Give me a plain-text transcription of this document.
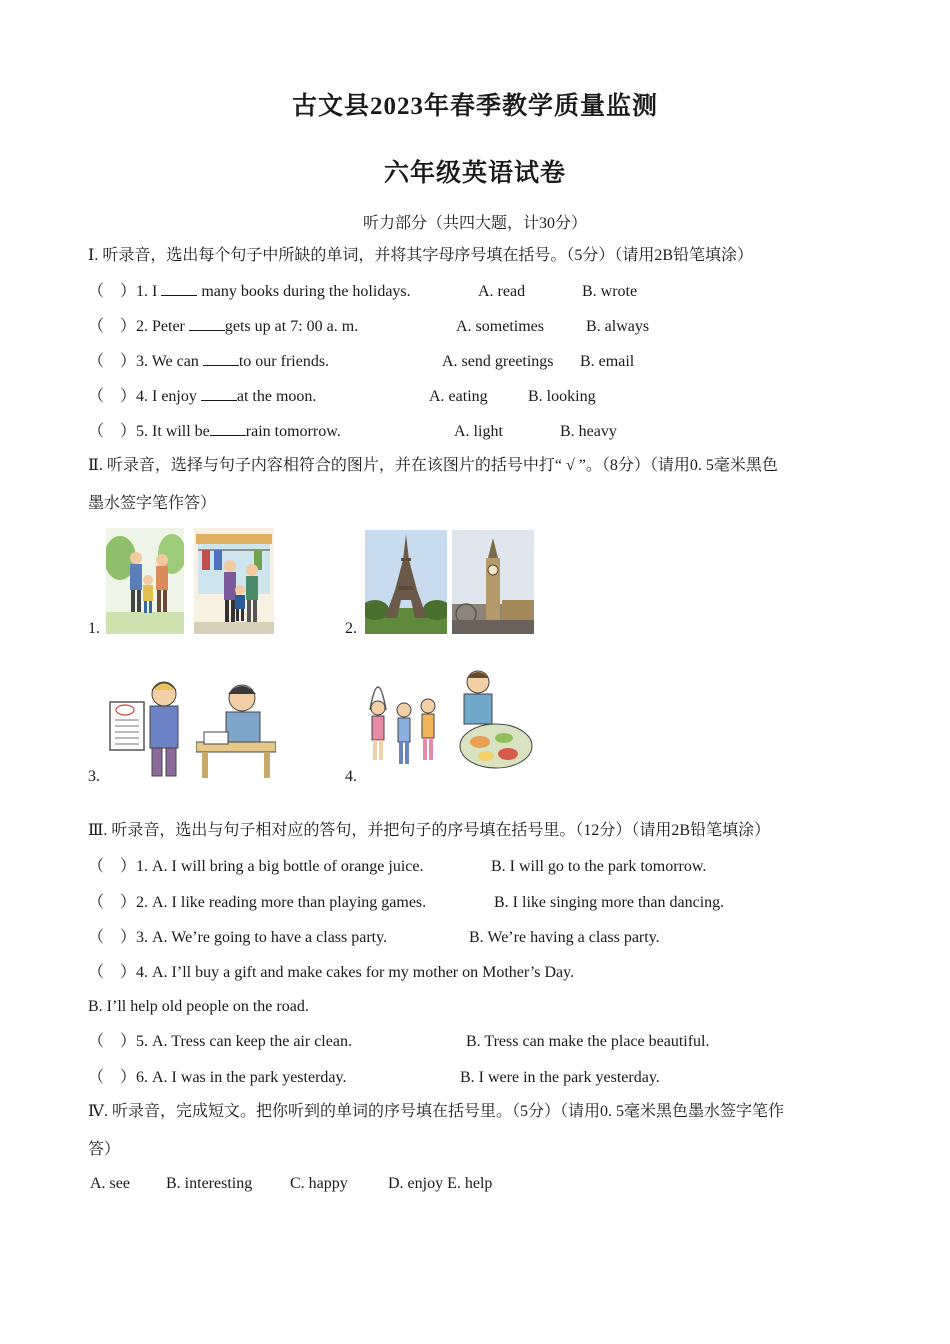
古文县2023年春季教学质量监测
六年级英语试卷
听力部分（共四大题，计30分）
Ⅰ. 听录音，选出每个句子中所缺的单词，并将其字母序号填在括号。（5分）（请用2B铅笔填涂）
（　） 1. I	many books during the holidays.	A. read	B. wrote
（　） 2. Peter	gets up at 7: 00 a. m.	A. sometimes	B. always
（　） 3. We can	to our friends.	A. send greetings B. email
（　） 4. I enjoy	at the moon.	A. eating	B. looking
（　） 5. It will be rain tomorrow.	A. light	B. heavy
Ⅱ. 听录音，选择与句子内容相符合的图片，并在该图片的括号中打“ √ ”。（8分）（请用0. 5毫米黑色
墨水签字笔作答）
1.	2.
3.	4.
Ⅲ. 听录音，选出与句子相对应的答句，并把句子的序号填在括号里。（12分）（请用2B铅笔填涂）
（　）1. A. I will bring a big bottle of orange juice.	B. I will go to the park tomorrow.
（　）2. A. I like reading more than playing games.	B. I like singing more than dancing.
（　）3. A. We’re going to have a class party.	B. We’re having a class party.
（　）4. A. I’ll buy a gift and make cakes for my mother on Mother’s Day.
B. I’ll help old people on the road.
（　）5. A. Tress can keep the air clean.	B. Tress can make the place beautiful.
（　）6. A. I was in the park yesterday.	B. I were in the park yesterday.
Ⅳ. 听录音，完成短文。把你听到的单词的序号填在括号里。（5分）（请用0. 5毫米黑色墨水签字笔作
答）
A. see B. interesting C. happy	D. enjoy E. help
